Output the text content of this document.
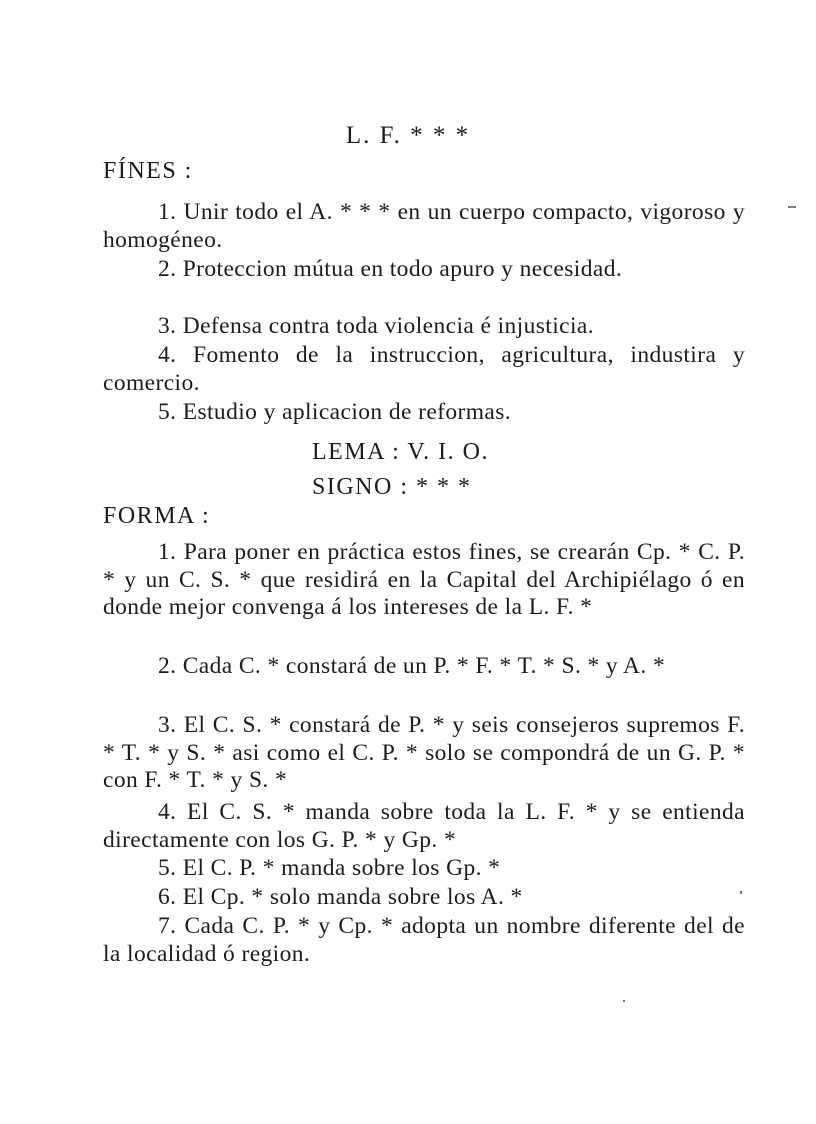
L. F. * * *
FÍNES :
1. Unir todo el A. * * * en un cuerpo compacto, vigoroso y homogéneo.
2. Proteccion mútua en todo apuro y necesidad.
3. Defensa contra toda violencia é injusticia.
4. Fomento de la instruccion, agricultura, industira y comercio.
5. Estudio y aplicacion de reformas.
LEMA : V. I. O.
SIGNO : * * *
FORMA :
1. Para poner en práctica estos fines, se crearán Cp. * C. P. * y un C. S. * que residirá en la Capital del Archipiélago ó en donde mejor convenga á los intereses de la L. F. *
2. Cada C. * constará de un P. * F. * T. * S. * y A. *
3. El C. S. * constará de P. * y seis consejeros supremos F. * T. * y S. * asi como el C. P. * solo se compondrá de un G. P. * con F. * T. * y S. *
4. El C. S. * manda sobre toda la L. F. * y se entienda directamente con los G. P. * y Gp. *
5. El C. P. * manda sobre los Gp. *
6. El Cp. * solo manda sobre los A. *
7. Cada C. P. * y Cp. * adopta un nombre diferente del de la localidad ó region.
